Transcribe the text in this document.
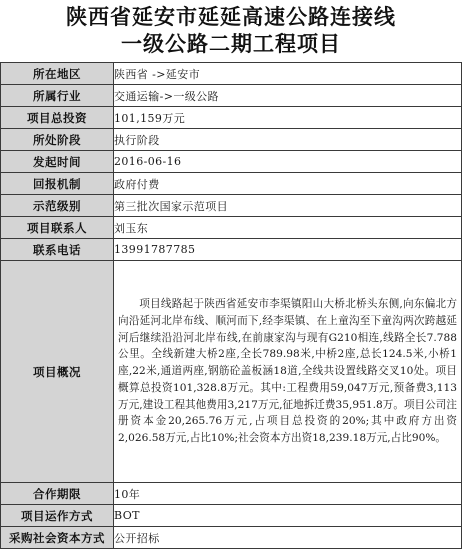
陕西省延安市延延高速公路连接线
一级公路二期工程项目
所在地区	陕西省 ->延安市
所属行业	交通运输->一级公路
项目总投资	101,159万元
所处阶段	执行阶段
发起时间	2016-06-16
回报机制	政府付费
示范级别	第三批次国家示范项目
项目联系人	刘玉东
联系电话	13991787785
项目概况	项目线路起于陕西省延安市李渠镇阳山大桥北桥头东侧,向东偏北方向沿延河北岸布线、顺河而下,经李渠镇、在上童沟至下童沟两次跨越延河后继续沿沿河北岸布线,在前康家沟与现有G210相连,线路全长7.788公里。全线新建大桥2座,全长789.98米,中桥2座,总长124.5米,小桥1座,22米,通道两座,钢筋砼盖板涵18道,全线共设置线路交叉10处。项目概算总投资101,328.8万元。其中:工程费用59,047万元,预备费3,113万元,建设工程其他费用3,217万元,征地拆迁费35,951.8万。项目公司注册资本金20,265.76万元,占项目总投资的20%;其中政府方出资2,026.58万元,占比10%;社会资本方出资18,239.18万元,占比90%。
合作期限	10年
项目运作方式	BOT
采购社会资本方式	公开招标
